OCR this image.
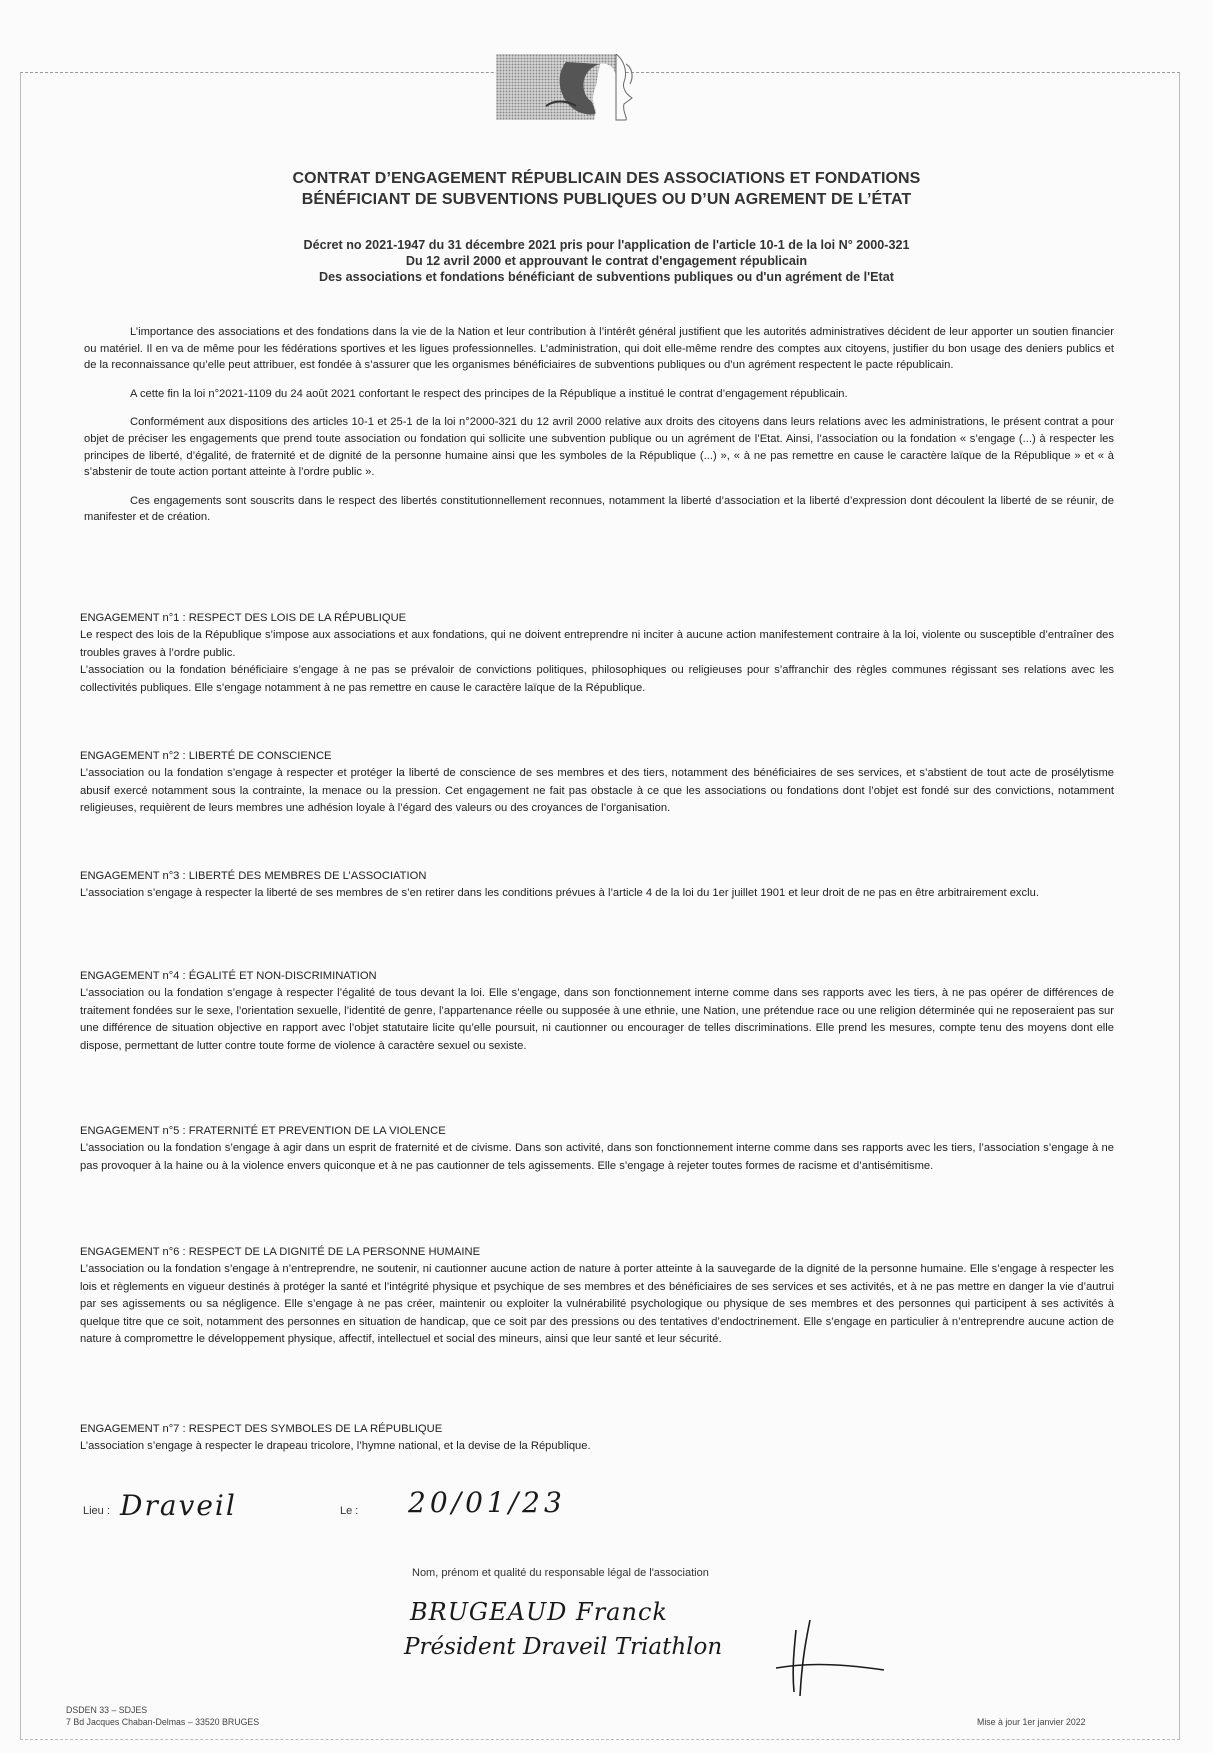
CONTRAT D’ENGAGEMENT RÉPUBLICAIN DES ASSOCIATIONS ET FONDATIONS
BÉNÉFICIANT DE SUBVENTIONS PUBLIQUES OU D’UN AGREMENT DE L’ÉTAT
Décret no 2021-1947 du 31 décembre 2021 pris pour l'application de l'article 10-1 de la loi N° 2000-321
Du 12 avril 2000 et approuvant le contrat d'engagement républicain
Des associations et fondations bénéficiant de subventions publiques ou d'un agrément de l'Etat

L’importance des associations et des fondations dans la vie de la Nation et leur contribution à l’intérêt général justifient que les autorités administratives décident de leur apporter un soutien financier ou matériel. Il en va de même pour les fédérations sportives et les ligues professionnelles. L’administration, qui doit elle-même rendre des comptes aux citoyens, justifier du bon usage des deniers publics et de la reconnaissance qu’elle peut attribuer, est fondée à s’assurer que les organismes bénéficiaires de subventions publiques ou d’un agrément respectent le pacte républicain.

A cette fin la loi n°2021-1109 du 24 août 2021 confortant le respect des principes de la République a institué le contrat d’engagement républicain.

Conformément aux dispositions des articles 10-1 et 25-1 de la loi n°2000-321 du 12 avril 2000 relative aux droits des citoyens dans leurs relations avec les administrations, le présent contrat a pour objet de préciser les engagements que prend toute association ou fondation qui sollicite une subvention publique ou un agrément de l’Etat. Ainsi, l’association ou la fondation « s’engage (...) à respecter les principes de liberté, d’égalité, de fraternité et de dignité de la personne humaine ainsi que les symboles de la République (...) », « à ne pas remettre en cause le caractère laïque de la République » et « à s’abstenir de toute action portant atteinte à l’ordre public ».

Ces engagements sont souscrits dans le respect des libertés constitutionnellement reconnues, notamment la liberté d’association et la liberté d’expression dont découlent la liberté de se réunir, de manifester et de création.

ENGAGEMENT n°1 : RESPECT DES LOIS DE LA RÉPUBLIQUE

Le respect des lois de la République s’impose aux associations et aux fondations, qui ne doivent entreprendre ni inciter à aucune action manifestement contraire à la loi, violente ou susceptible d’entraîner des troubles graves à l’ordre public.

L’association ou la fondation bénéficiaire s’engage à ne pas se prévaloir de convictions politiques, philosophiques ou religieuses pour s’affranchir des règles communes régissant ses relations avec les collectivités publiques. Elle s’engage notamment à ne pas remettre en cause le caractère laïque de la République.

ENGAGEMENT n°2 : LIBERTÉ DE CONSCIENCE

L’association ou la fondation s’engage à respecter et protéger la liberté de conscience de ses membres et des tiers, notamment des bénéficiaires de ses services, et s’abstient de tout acte de prosélytisme abusif exercé notamment sous la contrainte, la menace ou la pression. Cet engagement ne fait pas obstacle à ce que les associations ou fondations dont l’objet est fondé sur des convictions, notamment religieuses, requièrent de leurs membres une adhésion loyale à l’égard des valeurs ou des croyances de l’organisation.

ENGAGEMENT n°3 : LIBERTÉ DES MEMBRES DE L’ASSOCIATION

L’association s’engage à respecter la liberté de ses membres de s’en retirer dans les conditions prévues à l’article 4 de la loi du 1er juillet 1901 et leur droit de ne pas en être arbitrairement exclu.

ENGAGEMENT n°4 : ÉGALITÉ ET NON-DISCRIMINATION

L’association ou la fondation s’engage à respecter l’égalité de tous devant la loi. Elle s’engage, dans son fonctionnement interne comme dans ses rapports avec les tiers, à ne pas opérer de différences de traitement fondées sur le sexe, l’orientation sexuelle, l’identité de genre, l’appartenance réelle ou supposée à une ethnie, une Nation, une prétendue race ou une religion déterminée qui ne reposeraient pas sur une différence de situation objective en rapport avec l’objet statutaire licite qu’elle poursuit, ni cautionner ou encourager de telles discriminations. Elle prend les mesures, compte tenu des moyens dont elle dispose, permettant de lutter contre toute forme de violence à caractère sexuel ou sexiste.

ENGAGEMENT n°5 : FRATERNITÉ ET PREVENTION DE LA VIOLENCE

L’association ou la fondation s’engage à agir dans un esprit de fraternité et de civisme. Dans son activité, dans son fonctionnement interne comme dans ses rapports avec les tiers, l’association s’engage à ne pas provoquer à la haine ou à la violence envers quiconque et à ne pas cautionner de tels agissements. Elle s’engage à rejeter toutes formes de racisme et d’antisémitisme.

ENGAGEMENT n°6 : RESPECT DE LA DIGNITÉ DE LA PERSONNE HUMAINE

L’association ou la fondation s’engage à n’entreprendre, ne soutenir, ni cautionner aucune action de nature à porter atteinte à la sauvegarde de la dignité de la personne humaine. Elle s’engage à respecter les lois et règlements en vigueur destinés à protéger la santé et l’intégrité physique et psychique de ses membres et des bénéficiaires de ses services et ses activités, et à ne pas mettre en danger la vie d’autrui par ses agissements ou sa négligence. Elle s’engage à ne pas créer, maintenir ou exploiter la vulnérabilité psychologique ou physique de ses membres et des personnes qui participent à ses activités à quelque titre que ce soit, notamment des personnes en situation de handicap, que ce soit par des pressions ou des tentatives d’endoctrinement. Elle s’engage en particulier à n’entreprendre aucune action de nature à compromettre le développement physique, affectif, intellectuel et social des mineurs, ainsi que leur santé et leur sécurité.

ENGAGEMENT n°7 : RESPECT DES SYMBOLES DE LA RÉPUBLIQUE

L’association s’engage à respecter le drapeau tricolore, l’hymne national, et la devise de la République.

Lieu : Draveil	Le : 20/01/23
Nom, prénom et qualité du responsable légal de l'association
BRUGEAUD Franck
Président Draveil Triathlon
DSDEN 33 – SDJES
7 Bd Jacques Chaban-Delmas – 33520 BRUGES	Mise à jour 1er janvier 2022
